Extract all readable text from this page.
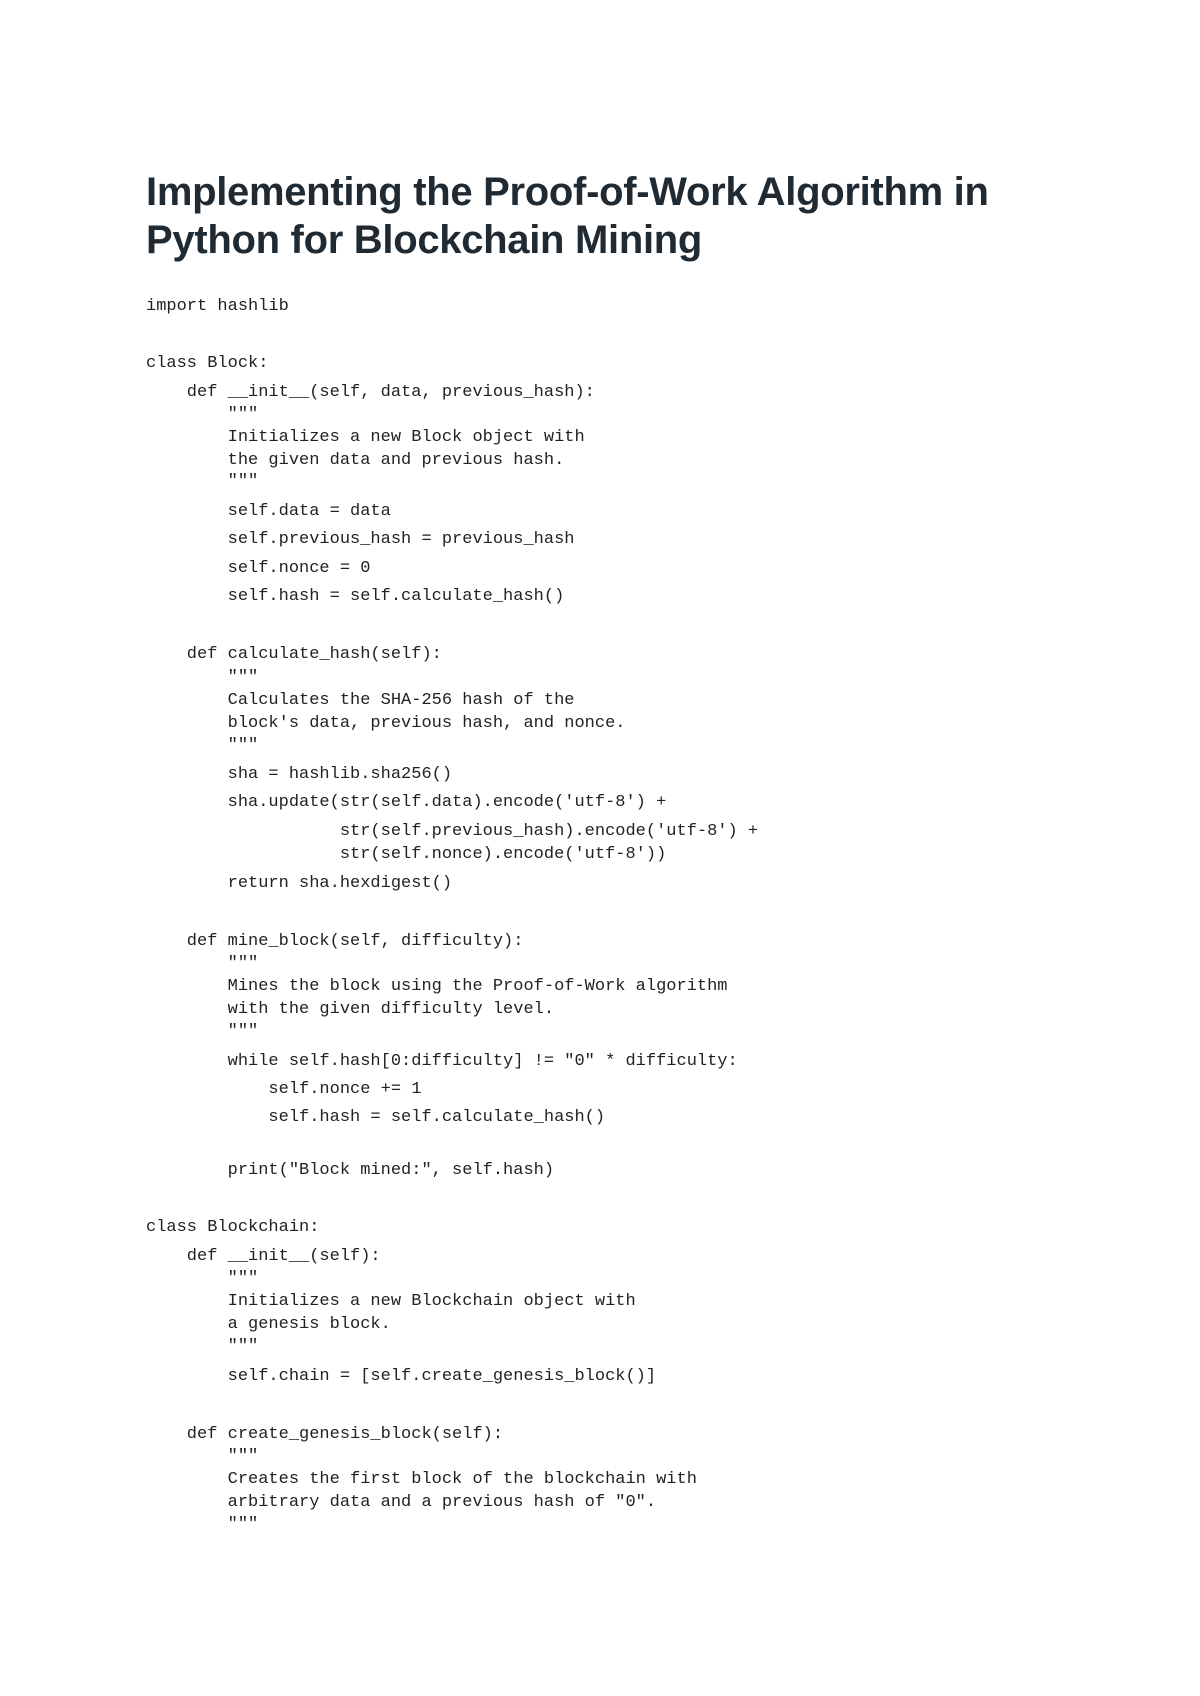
Implementing the Proof-of-Work Algorithm in
Python for Blockchain Mining
import hashlib
class Block:
def __init__(self, data, previous_hash):
"""
Initializes a new Block object with
the given data and previous hash.
"""
self.data = data
self.previous_hash = previous_hash
self.nonce = 0
self.hash = self.calculate_hash()
def calculate_hash(self):
"""
Calculates the SHA-256 hash of the
block's data, previous hash, and nonce.
"""
sha = hashlib.sha256()
sha.update(str(self.data).encode('utf-8') +
str(self.previous_hash).encode('utf-8') +
str(self.nonce).encode('utf-8'))
return sha.hexdigest()
def mine_block(self, difficulty):
"""
Mines the block using the Proof-of-Work algorithm
with the given difficulty level.
"""
while self.hash[0:difficulty] != "0" * difficulty:
self.nonce += 1
self.hash = self.calculate_hash()
print("Block mined:", self.hash)
class Blockchain:
def __init__(self):
"""
Initializes a new Blockchain object with
a genesis block.
"""
self.chain = [self.create_genesis_block()]
def create_genesis_block(self):
"""
Creates the first block of the blockchain with
arbitrary data and a previous hash of "0".
"""
